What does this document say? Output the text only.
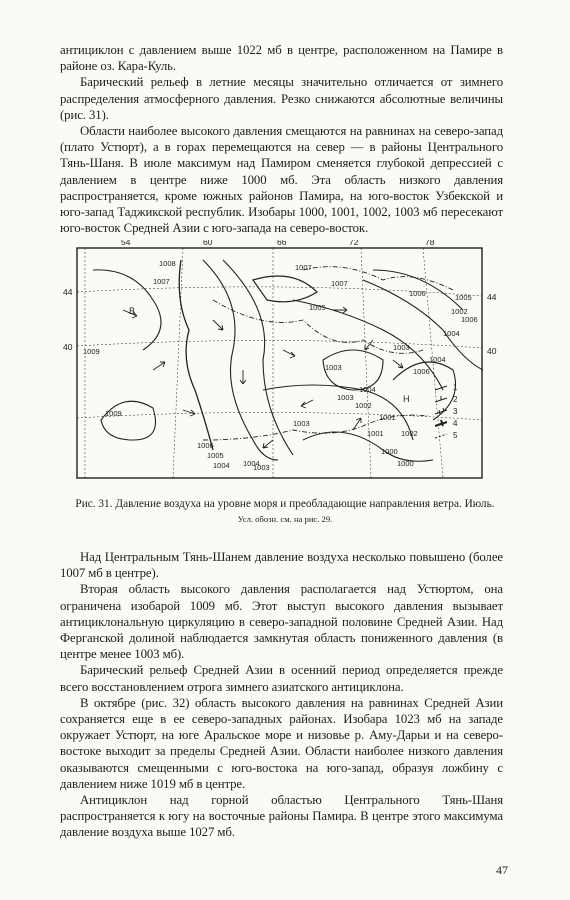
антициклон с давлением выше 1022 мб в центре, расположенном на Памире в районе оз. Кара-Куль.

Барический рельеф в летние месяцы значительно отличается от зимнего распределения атмосферного давления. Резко снижаются абсолютные величины (рис. 31).

Области наиболее высокого давления смещаются на равнинах на северо-запад (плато Устюрт), а в горах перемещаются на север — в районы Центрального Тянь-Шаня. В июле максимум над Памиром сменяется глубокой депрессией с давлением в центре ниже 1000 мб. Эта область низкого давления распространяется, кроме южных районов Памира, на юго-восток Узбекской и юго-запад Таджикской республик. Изобары 1000, 1001, 1002, 1003 мб пересекают юго-восток Средней Азии с юго-запада на северо-восток.

54	60	66	72	78
44
40
44
40
1008	1007
1007	1007
1009
1009
1006
1005
1004 1004
1003
1003
1004
1006
1004
1002
1001
1000
1002
1003
1003
1005
1006
1006
1004
1003
1005
1002
1000
1001
В
Н
1
2
3
4
5
Рис. 31. Давление воздуха на уровне моря и преобладающие направления ветра. Июль.
Усл. обозн. см. на рис. 29.

Над Центральным Тянь-Шанем давление воздуха несколько повышено (более 1007 мб в центре).

Вторая область высокого давления располагается над Устюртом, она ограничена изобарой 1009 мб. Этот выступ высокого давления вызывает антициклональную циркуляцию в северо-западной половине Средней Азии. Над Ферганской долиной наблюдается замкнутая область пониженного давления (в центре менее 1003 мб).

Барический рельеф Средней Азии в осенний период определяется прежде всего восстановлением отрога зимнего азиатского антициклона.

В октябре (рис. 32) область высокого давления на равнинах Средней Азии сохраняется еще в ее северо-западных районах. Изобара 1023 мб на западе окружает Устюрт, на юге Аральское море и низовье р. Аму-Дарьи и на северо-востоке выходит за пределы Средней Азии. Области наиболее низкого давления оказываются смещенными с юго-востока на юго-запад, образуя ложбину с давлением ниже 1019 мб в центре.

Антициклон над горной областью Центрального Тянь-Шаня распространяется к югу на восточные районы Памира. В центре этого максимума давление воздуха выше 1027 мб.

47
